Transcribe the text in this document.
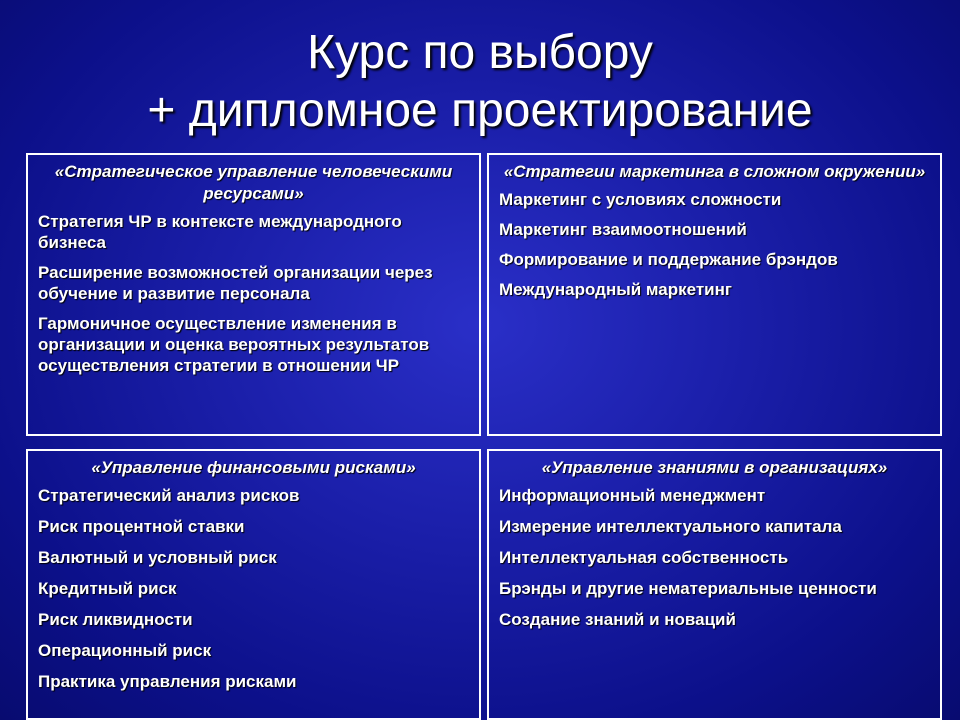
Курс по выбору
+ дипломное проектирование
«Стратегическое управление человеческими ресурсами»
Стратегия ЧР в контексте международного бизнеса
Расширение возможностей организации через обучение и развитие персонала
Гармоничное осуществление изменения в организации и оценка вероятных результатов осуществления стратегии в отношении ЧР
«Стратегии маркетинга в сложном окружении»
Маркетинг с условиях сложности
Маркетинг взаимоотношений
Формирование и поддержание брэндов
Международный маркетинг
«Управление финансовыми рисками»
Стратегический анализ рисков
Риск процентной ставки
Валютный и условный риск
Кредитный риск
Риск ликвидности
Операционный риск
Практика управления рисками
«Управление знаниями в организациях»
Информационный менеджмент
Измерение интеллектуального капитала
Интеллектуальная собственность
Брэнды и другие нематериальные ценности
Создание знаний и новаций
